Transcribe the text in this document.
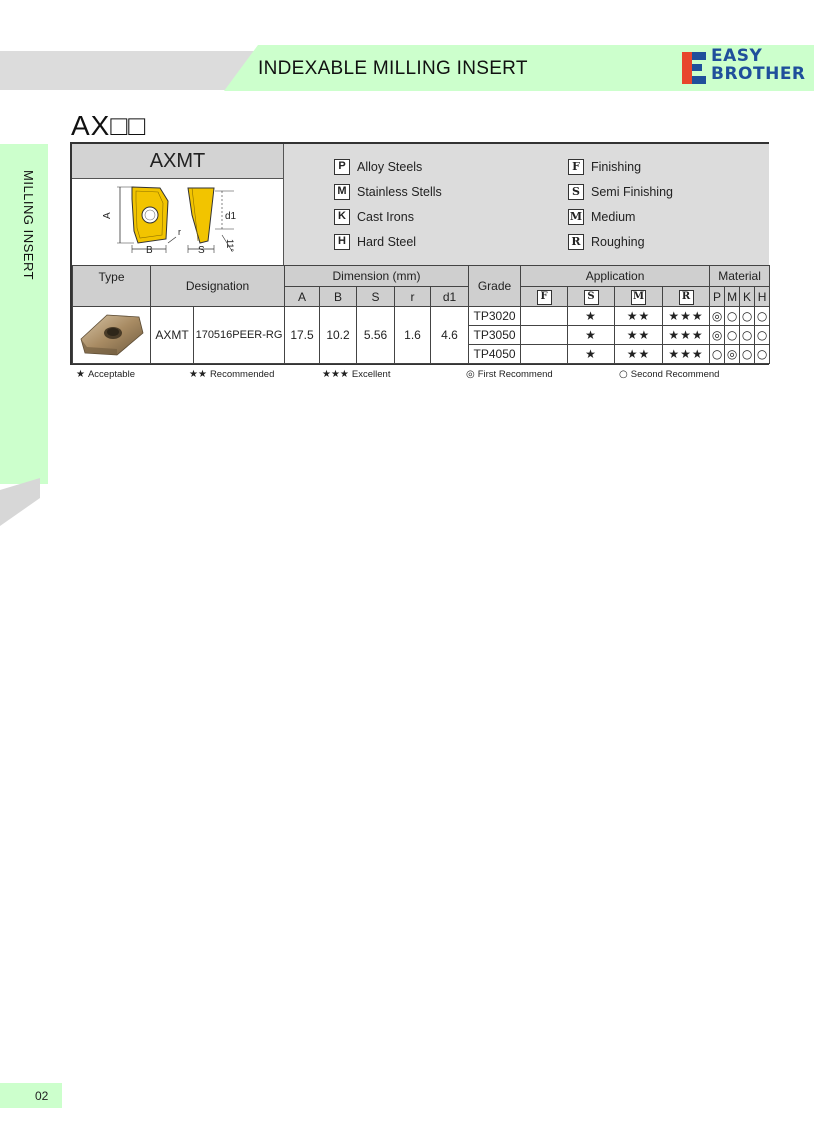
INDEXABLE MILLING INSERT
EASY
BROTHER
MILLING INSERT
AX□□
AXMT
A
B
r
S
d1
11°
P Alloy Steels
M Stainless Stells
K Cast Irons
H Hard Steel
F Finishing
S Semi Finishing
M Medium
R Roughing
Type	Designation		Dimension (mm)					Grade	Application				Material			
			A	B	S	r	d1		F	S	M	R	P	M	K	H
	AXMT	170516PEER-RG	17.5	10.2	5.56	1.6	4.6	TP3020		★	★★	★★★	◎	○	○	○
								TP3050		★	★★	★★★	◎	○	○	○
								TP4050		★	★★	★★★	○	◎	○	○
★ Acceptable	★★ Recommended	★★★ Excellent	◎ First Recommend	○ Second Recommend
02
